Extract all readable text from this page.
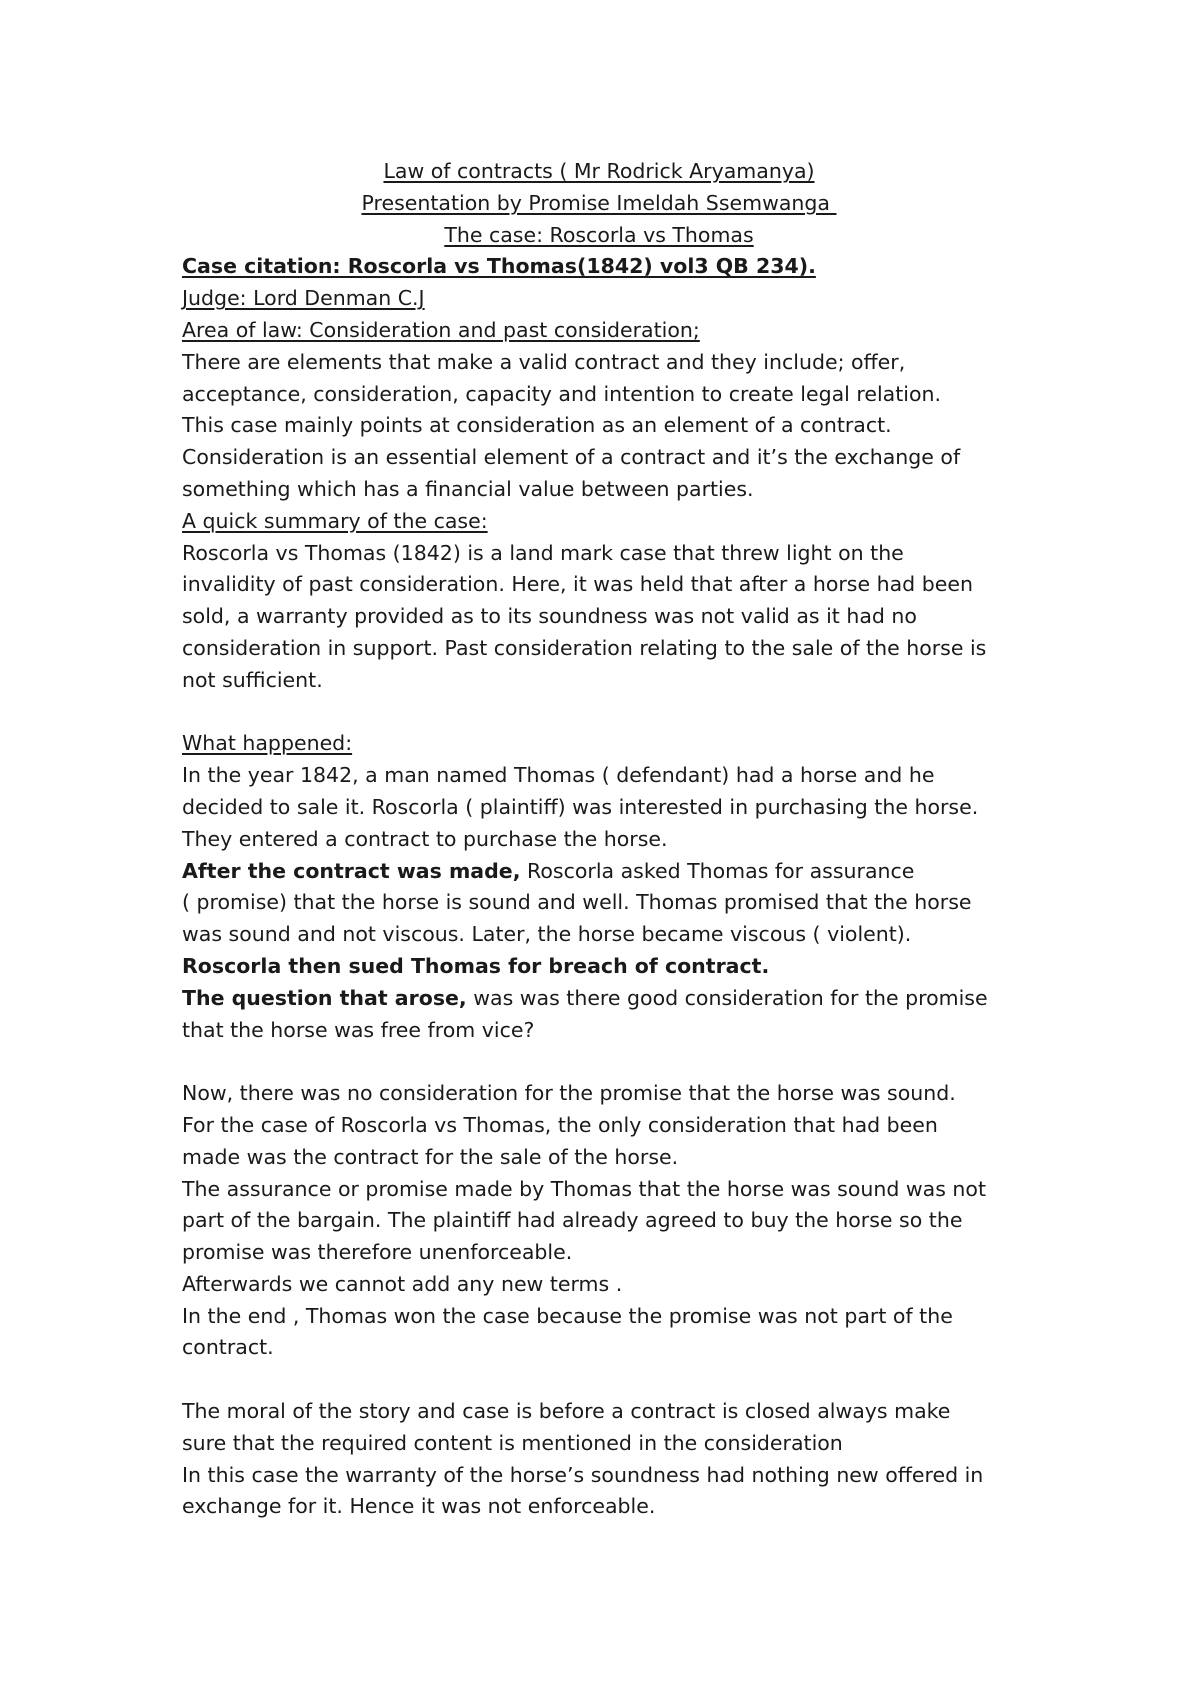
Law of contracts ( Mr Rodrick Aryamanya)

Presentation by Promise Imeldah Ssemwanga

The case: Roscorla vs Thomas

Case citation: Roscorla vs Thomas(1842) vol3 QB 234).

Judge: Lord Denman C.J

Area of law: Consideration and past consideration;

There are elements that make a valid contract and they include; offer,

acceptance, consideration, capacity and intention to create legal relation.

This case mainly points at consideration as an element of a contract.

Consideration is an essential element of a contract and it’s the exchange of

something which has a financial value between parties.

A quick summary of the case:

Roscorla vs Thomas (1842) is a land mark case that threw light on the

invalidity of past consideration. Here, it was held that after a horse had been

sold, a warranty provided as to its soundness was not valid as it had no

consideration in support. Past consideration relating to the sale of the horse is

not sufficient.

What happened:

In the year 1842, a man named Thomas ( defendant) had a horse and he

decided to sale it. Roscorla ( plaintiff) was interested in purchasing the horse.

They entered a contract to purchase the horse.

After the contract was made, Roscorla asked Thomas for assurance

( promise) that the horse is sound and well. Thomas promised that the horse

was sound and not viscous. Later, the horse became viscous ( violent).

Roscorla then sued Thomas for breach of contract.

The question that arose, was was there good consideration for the promise

that the horse was free from vice?

Now, there was no consideration for the promise that the horse was sound.

For the case of Roscorla vs Thomas, the only consideration that had been

made was the contract for the sale of the horse.

The assurance or promise made by Thomas that the horse was sound was not

part of the bargain. The plaintiff had already agreed to buy the horse so the

promise was therefore unenforceable.

Afterwards we cannot add any new terms .

In the end , Thomas won the case because the promise was not part of the

contract.

The moral of the story and case is before a contract is closed always make

sure that the required content is mentioned in the consideration

In this case the warranty of the horse’s soundness had nothing new offered in

exchange for it. Hence it was not enforceable.
